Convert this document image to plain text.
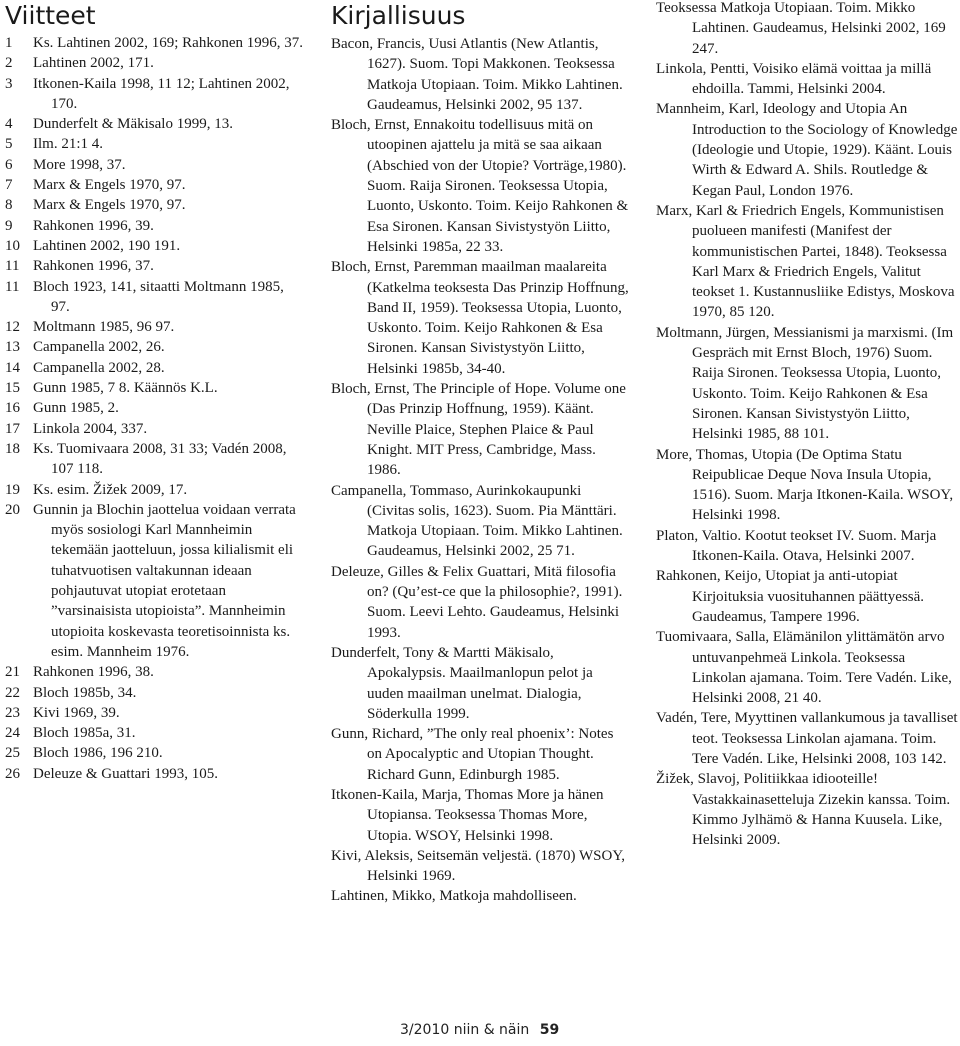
Viitteet
1	Ks. Lahtinen 2002, 169; Rahkonen 1996, 37.
2	Lahtinen 2002, 171.
3	Itkonen-Kaila 1998, 11 12; Lahtinen 2002, 170.
4	Dunderfelt & Mäkisalo 1999, 13.
5	Ilm. 21:1 4.
6	More 1998, 37.
7	Marx & Engels 1970, 97.
8	Marx & Engels 1970, 97.
9	Rahkonen 1996, 39.
10 Lahtinen 2002, 190 191.
11 Rahkonen 1996, 37.
11 Bloch 1923, 141, sitaatti Moltmann 1985, 97.
12 Moltmann 1985, 96 97.
13 Campanella 2002, 26.
14 Campanella 2002, 28.
15 Gunn 1985, 7 8. Käännös K.L.
16 Gunn 1985, 2.
17 Linkola 2004, 337.
18 Ks. Tuomivaara 2008, 31 33; Vadén 2008, 107 118.
19 Ks. esim. Žižek 2009, 17.
20 Gunnin ja Blochin jaottelua voidaan verrata myös sosiologi Karl Mannheimin tekemään jaotteluun, jossa kilialismit eli tuhatvuotisen valtakunnan ideaan pohjautuvat utopiat erotetaan ”varsinaisista utopioista”. Mannheimin utopioita koskevasta teoretisoinnista ks. esim. Mannheim 1976.
21 Rahkonen 1996, 38.
22 Bloch 1985b, 34.
23 Kivi 1969, 39.
24 Bloch 1985a, 31.
25 Bloch 1986, 196 210.
26 Deleuze & Guattari 1993, 105.
Kirjallisuus
Bacon, Francis, Uusi Atlantis (New Atlantis, 1627). Suom. Topi Makkonen. Teoksessa Matkoja Utopiaan. Toim. Mikko Lahtinen. Gaudeamus, Helsinki 2002, 95 137.
Bloch, Ernst, Ennakoitu todellisuus mitä on utoopinen ajattelu ja mitä se saa aikaan (Abschied von der Utopie? Vorträge,1980). Suom. Raija Sironen. Teoksessa Utopia, Luonto, Uskonto. Toim. Keijo Rahkonen & Esa Sironen. Kansan Sivistystyön Liitto, Helsinki 1985a, 22 33.
Bloch, Ernst, Paremman maailman maalareita (Katkelma teoksesta Das Prinzip Hoffnung, Band II, 1959). Teoksessa Utopia, Luonto, Uskonto. Toim. Keijo Rahkonen & Esa Sironen. Kansan Sivistystyön Liitto, Helsinki 1985b, 34-40.
Bloch, Ernst, The Principle of Hope. Volume one (Das Prinzip Hoffnung, 1959). Käänt. Neville Plaice, Stephen Plaice & Paul Knight. MIT Press, Cambridge, Mass. 1986.
Campanella, Tommaso, Aurinkokaupunki (Civitas solis, 1623). Suom. Pia Mänttäri. Matkoja Utopiaan. Toim. Mikko Lahtinen. Gaudeamus, Helsinki 2002, 25 71.
Deleuze, Gilles & Felix Guattari, Mitä filosofia on? (Qu’est-ce que la philosophie?, 1991). Suom. Leevi Lehto. Gaudeamus, Helsinki 1993.
Dunderfelt, Tony & Martti Mäkisalo, Apokalypsis. Maailmanlopun pelot ja uuden maailman unelmat. Dialogia, Söderkulla 1999.
Gunn, Richard, ”The only real phoenix’: Notes on Apocalyptic and Utopian Thought. Richard Gunn, Edinburgh 1985.
Itkonen-Kaila, Marja, Thomas More ja hänen Utopiansa. Teoksessa Thomas More, Utopia. WSOY, Helsinki 1998.
Kivi, Aleksis, Seitsemän veljestä. (1870) WSOY, Helsinki 1969.
Lahtinen, Mikko, Matkoja mahdolliseen.
Teoksessa Matkoja Utopiaan. Toim. Mikko Lahtinen. Gaudeamus, Helsinki 2002, 169 247.
Linkola, Pentti, Voisiko elämä voittaa ja millä ehdoilla. Tammi, Helsinki 2004.
Mannheim, Karl, Ideology and Utopia An Introduction to the Sociology of Knowledge (Ideologie und Utopie, 1929). Käänt. Louis Wirth & Edward A. Shils. Routledge & Kegan Paul, London 1976.
Marx, Karl & Friedrich Engels, Kommunistisen puolueen manifesti (Manifest der kommunistischen Partei, 1848). Teoksessa Karl Marx & Friedrich Engels, Valitut teokset 1. Kustannusliike Edistys, Moskova 1970, 85 120.
Moltmann, Jürgen, Messianismi ja marxismi. (Im Gespräch mit Ernst Bloch, 1976) Suom. Raija Sironen. Teoksessa Utopia, Luonto, Uskonto. Toim. Keijo Rahkonen & Esa Sironen. Kansan Sivistystyön Liitto, Helsinki 1985, 88 101.
More, Thomas, Utopia (De Optima Statu Reipublicae Deque Nova Insula Utopia, 1516). Suom. Marja Itkonen-Kaila. WSOY, Helsinki 1998.
Platon, Valtio. Kootut teokset IV. Suom. Marja Itkonen-Kaila. Otava, Helsinki 2007.
Rahkonen, Keijo, Utopiat ja anti-utopiat Kirjoituksia vuosituhannen päättyessä. Gaudeamus, Tampere 1996.
Tuomivaara, Salla, Elämänilon ylittämätön arvo untuvanpehmeä Linkola. Teoksessa Linkolan ajamana. Toim. Tere Vadén. Like, Helsinki 2008, 21 40.
Vadén, Tere, Myyttinen vallankumous ja tavalliset teot. Teoksessa Linkolan ajamana. Toim. Tere Vadén. Like, Helsinki 2008, 103 142.
Žižek, Slavoj, Politiikkaa idiooteille! Vastakkainasetteluja Zizekin kanssa. Toim. Kimmo Jylhämö & Hanna Kuusela. Like, Helsinki 2009.
3/2010 niin & näin 59
